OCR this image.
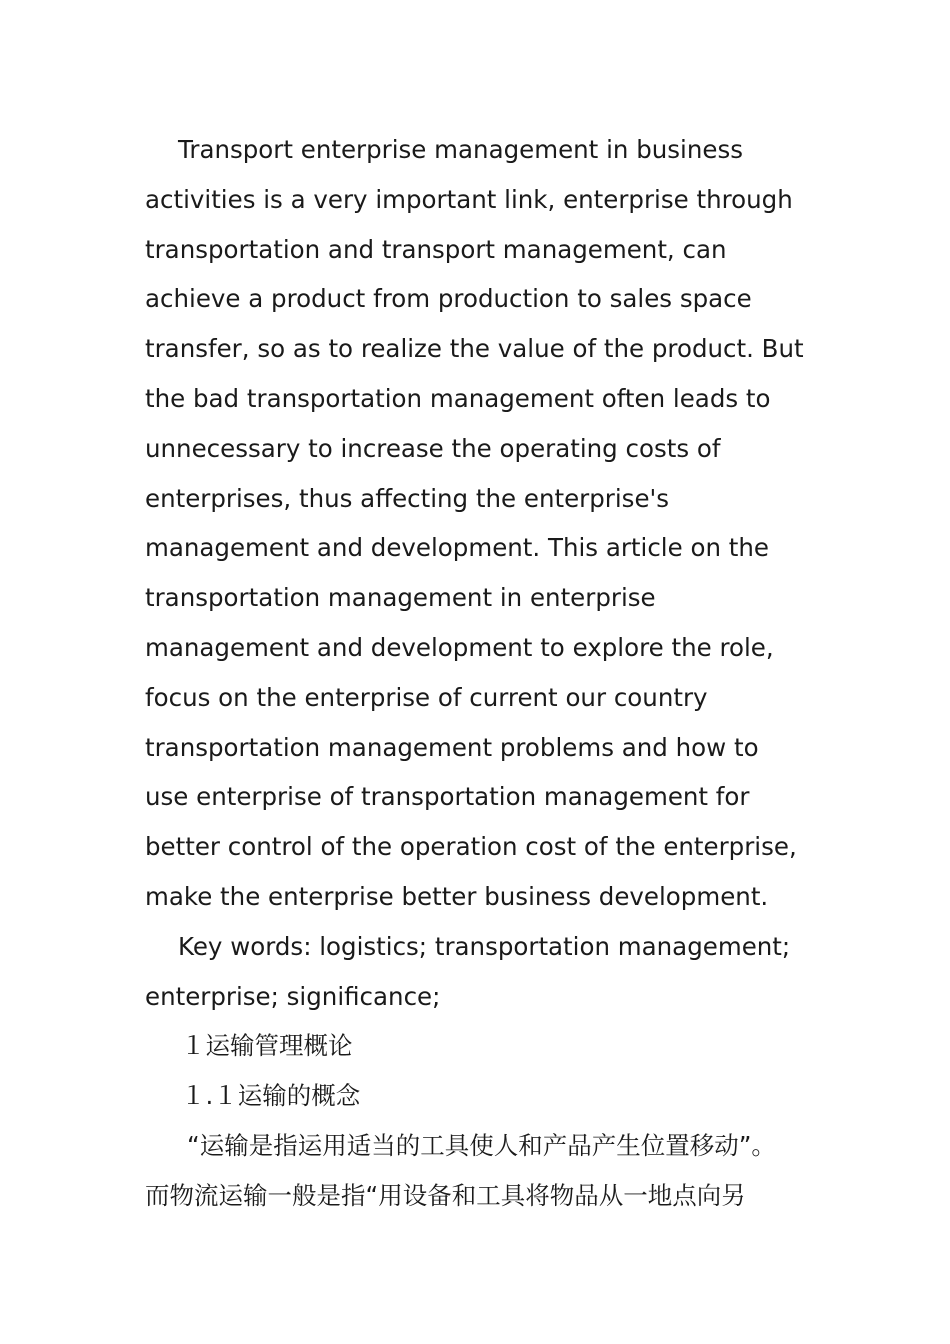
Transport enterprise management in business
activities is a very important link, enterprise through
transportation and transport management, can
achieve a product from production to sales space
transfer, so as to realize the value of the product. But
the bad transportation management often leads to
unnecessary to increase the operating costs of
enterprises, thus affecting the enterprise's
management and development. This article on the
transportation management in enterprise
management and development to explore the role,
focus on the enterprise of current our country
transportation management problems and how to
use enterprise of transportation management for
better control of the operation cost of the enterprise,
make the enterprise better business development.
Key words: logistics; transportation management;
enterprise; significance;
１运输管理概论
１.１运输的概念
“运输是指运用适当的工具使人和产品产生位置移动”。
而物流运输一般是指“用设备和工具将物品从一地点向另
